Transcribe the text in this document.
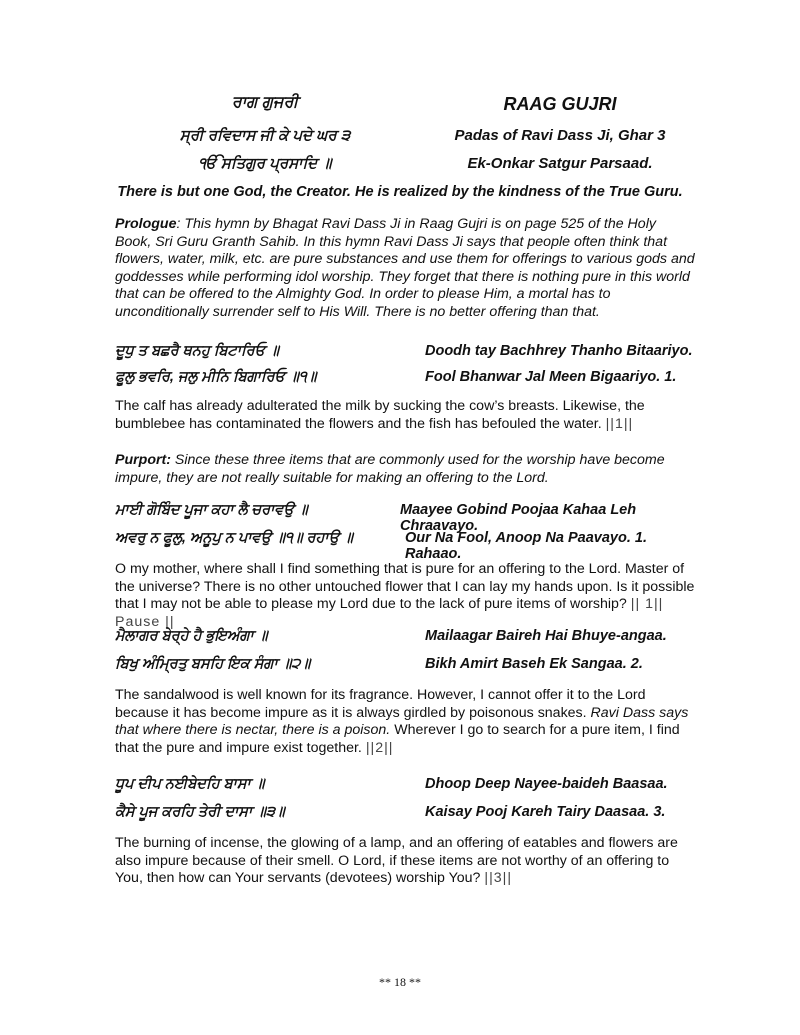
ਰਾਗ ਗੁਜਰੀ	RAAG GUJRI
ਸ੍ਰੀ ਰਵਿਦਾਸ ਜੀ ਕੇ ਪਦੇ ਘਰ ੩	Padas of Ravi Dass Ji, Ghar 3
ੴ ਸਤਿਗੁਰ ਪ੍ਰਸਾਦਿ ॥	Ek-Onkar Satgur Parsaad.
There is but one God, the Creator. He is realized by the kindness of the True Guru.
Prologue: This hymn by Bhagat Ravi Dass Ji in Raag Gujri is on page 525 of the Holy Book, Sri Guru Granth Sahib. In this hymn Ravi Dass Ji says that people often think that flowers, water, milk, etc. are pure substances and use them for offerings to various gods and goddesses while performing idol worship. They forget that there is nothing pure in this world that can be offered to the Almighty God. In order to please Him, a mortal has to unconditionally surrender self to His Will. There is no better offering than that.
ਦੂਧੁ ਤ ਬਛਰੈ ਥਨਹੁ ਬਿਟਾਰਿਓ ॥	Doodh tay Bachhrey Thanho Bitaariyo.
ਫੂਲੁ ਭਵਰਿ, ਜਲੁ ਮੀਨਿ ਬਿਗਾਰਿਓ ॥੧॥	Fool Bhanwar Jal Meen Bigaariyo. 1.
The calf has already adulterated the milk by sucking the cow’s breasts. Likewise, the bumblebee has contaminated the flowers and the fish has befouled the water. ||1||
Purport: Since these three items that are commonly used for the worship have become impure, they are not really suitable for making an offering to the Lord.
ਮਾਈ ਗੋਬਿੰਦ ਪੂਜਾ ਕਹਾ ਲੈ ਚਰਾਵਉ ॥	Maayee Gobind Poojaa Kahaa Leh Chraavayo.
ਅਵਰੁ ਨ ਫੂਲੁ, ਅਨੂਪੁ ਨ ਪਾਵਉ ॥੧॥ ਰਹਾਉ ॥	Our Na Fool, Anoop Na Paavayo. 1. Rahaao.
O my mother, where shall I find something that is pure for an offering to the Lord. Master of the universe? There is no other untouched flower that I can lay my hands upon. Is it possible that I may not be able to please my Lord due to the lack of pure items of worship? || 1|| Pause ||
ਮੈਲਾਗਰ ਬੇਰ੍ਹੇ ਹੈ ਭੁਇਅੰਗਾ ॥	Mailaagar Baireh Hai Bhuye-angaa.
ਬਿਖੁ ਅੰਮ੍ਰਿਤੁ ਬਸਹਿ ਇਕ ਸੰਗਾ ॥੨॥	Bikh Amirt Baseh Ek Sangaa. 2.
The sandalwood is well known for its fragrance. However, I cannot offer it to the Lord because it has become impure as it is always girdled by poisonous snakes. Ravi Dass says that where there is nectar, there is a poison. Wherever I go to search for a pure item, I find that the pure and impure exist together. ||2||
ਧੂਪ ਦੀਪ ਨਈਬੇਦਹਿ ਬਾਸਾ ॥	Dhoop Deep Nayee-baideh Baasaa.
ਕੈਸੇ ਪੂਜ ਕਰਹਿ ਤੇਰੀ ਦਾਸਾ ॥੩॥	Kaisay Pooj Kareh Tairy Daasaa. 3.
The burning of incense, the glowing of a lamp, and an offering of eatables and flowers are also impure because of their smell. O Lord, if these items are not worthy of an offering to You, then how can Your servants (devotees) worship You? ||3||
** 18 **
